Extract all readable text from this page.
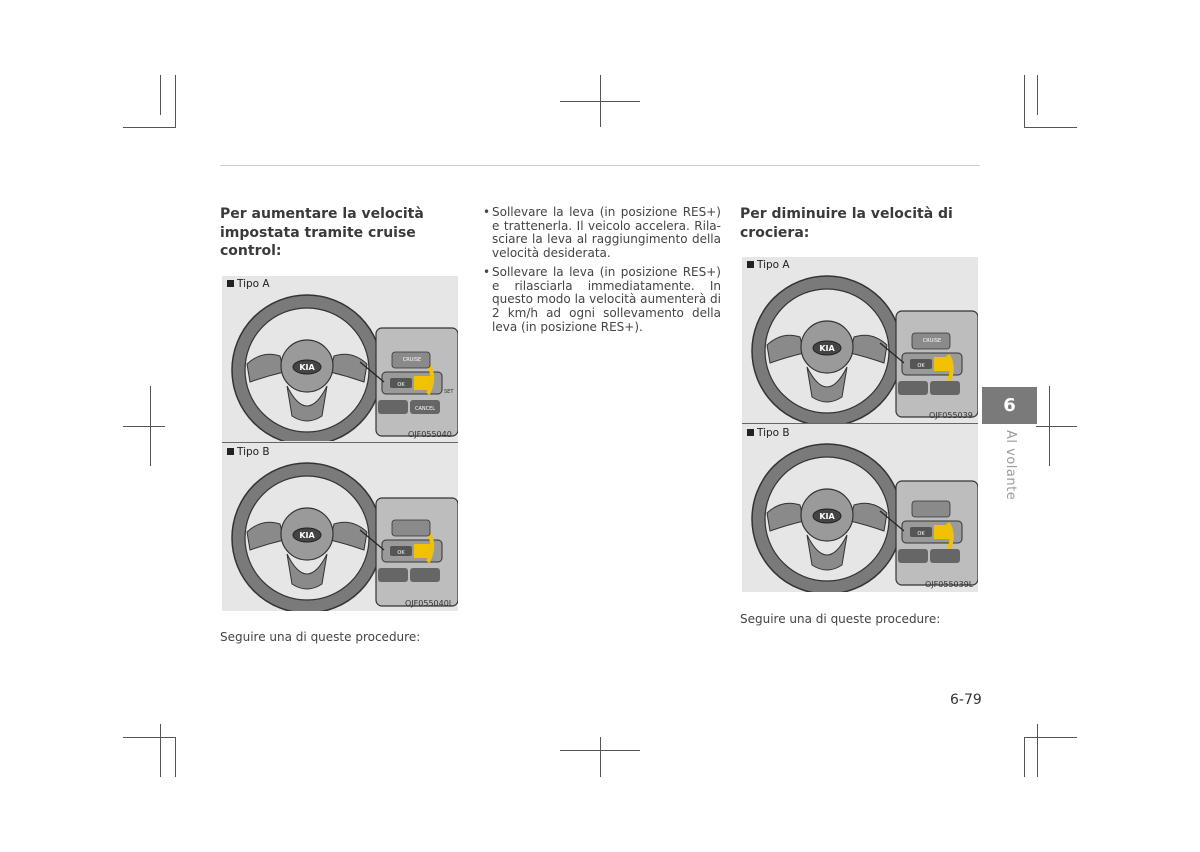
Per aumentare la velocità
impostata tramite cruise
control:
Tipo A
KIA
OK
SET
CRUISE
CANCEL
OJF055040
Tipo B
KIA
OK
OJF055040L
Seguire una di queste procedure:
• Sollevare la leva (in posizione RES+) e trattenerla. Il veicolo accelera. Rila- sciare la leva al raggiungimento della velocità desiderata.
• Sollevare la leva (in posizione RES+) e rilasciarla immediatamente. In questo modo la velocità aumenterà di 2 km/h ad ogni sollevamento della leva (in posizione RES+).
Per diminuire la velocità di
crociera:
Tipo A
KIA
OK
CRUISE
OJF055039
Tipo B
KIA
OK
OJF055039L
Seguire una di queste procedure:
6
Al volante
6-79
